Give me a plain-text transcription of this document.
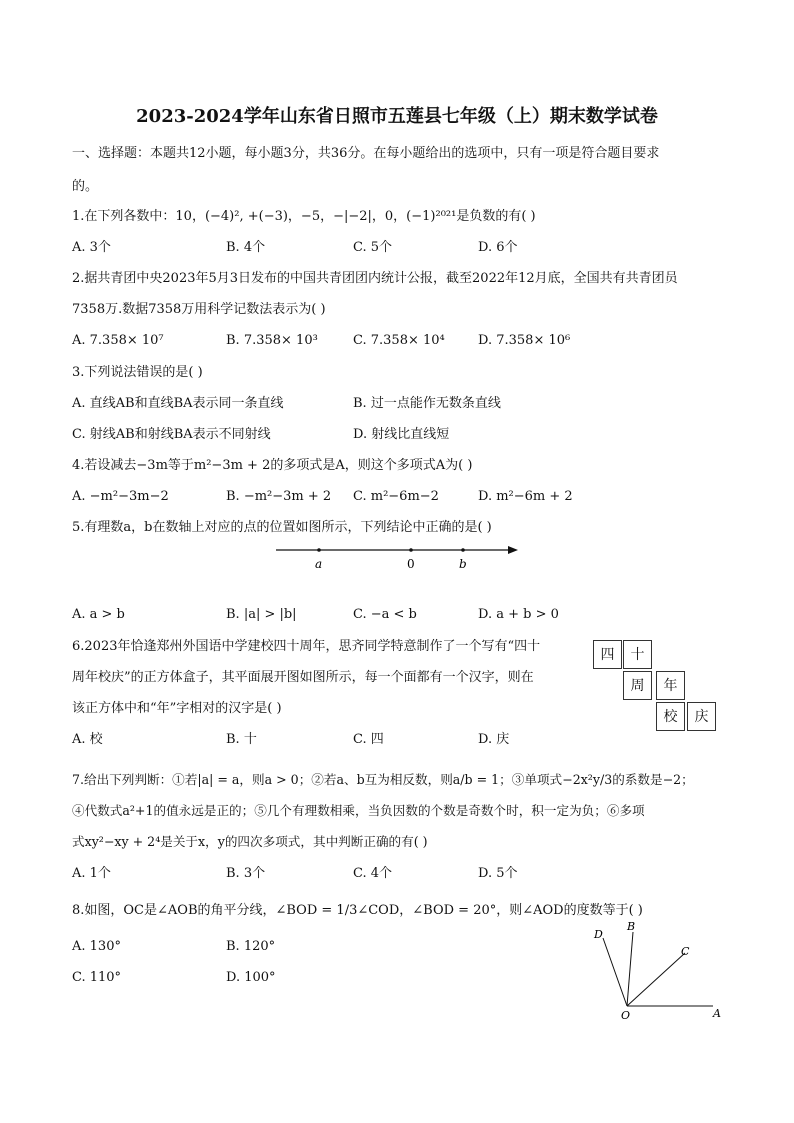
2023-2024学年山东省日照市五莲县七年级（上）期末数学试卷
一、选择题：本题共12小题，每小题3分，共36分。在每小题给出的选项中，只有一项是符合题目要求
的。
1.在下列各数中：10，(−4)², +(−3)，−5，−|−2|，0，(−1)²⁰²¹是负数的有( )
A. 3个	B. 4个	C. 5个	D. 6个
2.据共青团中央2023年5月3日发布的中国共青团团内统计公报，截至2022年12月底，全国共有共青团员
7358万.数据7358万用科学记数法表示为( )
A. 7.358× 10⁷	B. 7.358× 10³	C. 7.358× 10⁴	D. 7.358× 10⁶
3.下列说法错误的是( )
A. 直线AB和直线BA表示同一条直线	B. 过一点能作无数条直线
C. 射线AB和射线BA表示不同射线	D. 射线比直线短
4.若设减去−3m等于m²−3m + 2的多项式是A，则这个多项式A为( )
A. −m²−3m−2	B. −m²−3m + 2 C. m²−6m−2	D. m²−6m + 2
5.有理数a，b在数轴上对应的点的位置如图所示，下列结论中正确的是( )
a	0	b
A. a > b	B. |a| > |b|	C. −a < b	D. a + b > 0
6.2023年恰逢郑州外国语中学建校四十周年，思齐同学特意制作了一个写有“四十
周年校庆”的正方体盒子，其平面展开图如图所示，每一个面都有一个汉字，则在
该正方体中和“年”字相对的汉字是( )
四	十
周	年
校	庆
A. 校	B. 十	C. 四	D. 庆
7.给出下列判断：①若|a| = a，则a > 0；②若a、b互为相反数，则a/b = 1；③单项式−2x²y/3的系数是−2；
④代数式a²+1的值永远是正的；⑤几个有理数相乘，当负因数的个数是奇数个时，积一定为负；⑥多项
式xy²−xy + 2⁴是关于x，y的四次多项式，其中判断正确的有( )
A. 1个	B. 3个	C. 4个	D. 5个
8.如图，OC是∠AOB的角平分线，∠BOD = 1/3∠COD，∠BOD = 20°，则∠AOD的度数等于( )
A. 130°	B. 120°
C. 110°	D. 100°
D
B
C
O	A
